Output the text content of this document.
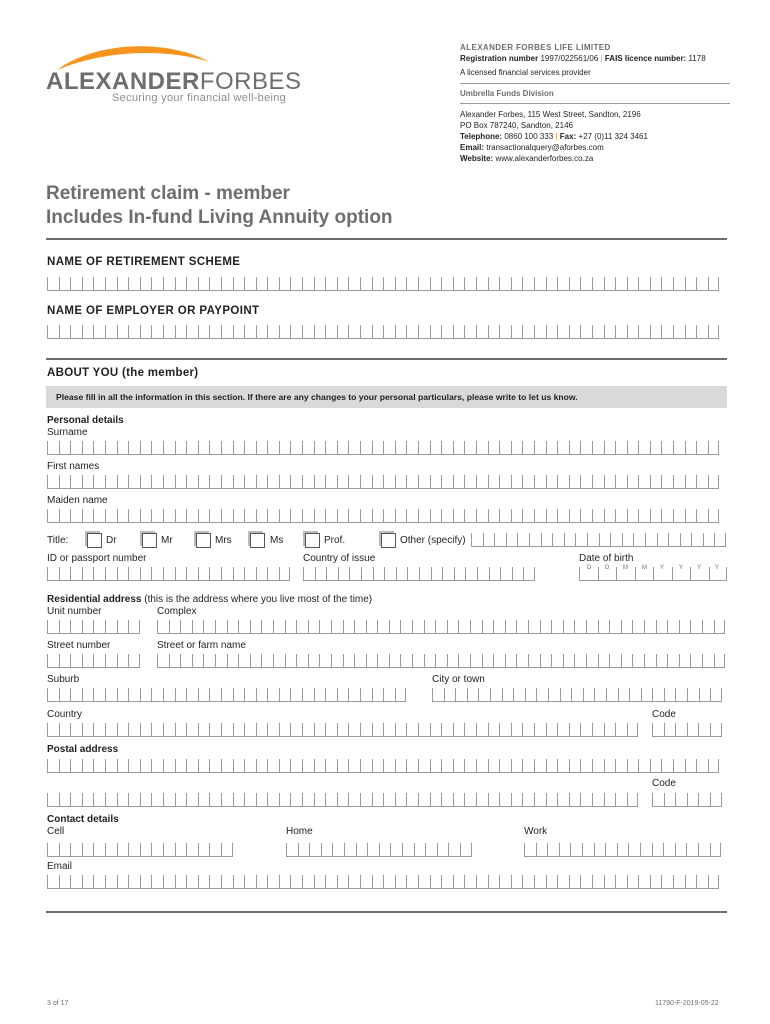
ALEXANDERFORBES
Securing your financial well-being
ALEXANDER FORBES LIFE LIMITED
Registration number 1997/022561/06 | FAIS licence number: 1178
A licensed financial services provider
Umbrella Funds Division
Alexander Forbes, 115 West Street, Sandton, 2196
PO Box 787240, Sandton, 2146
Telephone: 0860 100 333 | Fax: +27 (0)11 324 3461
Email: transactionalquery@aforbes.com
Website: www.alexanderforbes.co.za
Retirement claim - member
Includes In-fund Living Annuity option
NAME OF RETIREMENT SCHEME
NAME OF EMPLOYER OR PAYPOINT
ABOUT YOU (the member)
Please fill in all the information in this section. If there are any changes to your personal particulars, please write to let us know.
Personal details
Surname
First names
Maiden name
Title:	Dr	Mr	Mrs	Ms	Prof.	Other (specify)
ID or passport number	Country of issue	Date of birth
D D M M Y Y Y Y
Residential address (this is the address where you live most of the time)
Unit number	Complex
Street number	Street or farm name
Suburb	City or town
Country	Code
Postal address
Code
Contact details
Cell	Home	Work
Email
3 of 17	11790-F-2019-05-22
